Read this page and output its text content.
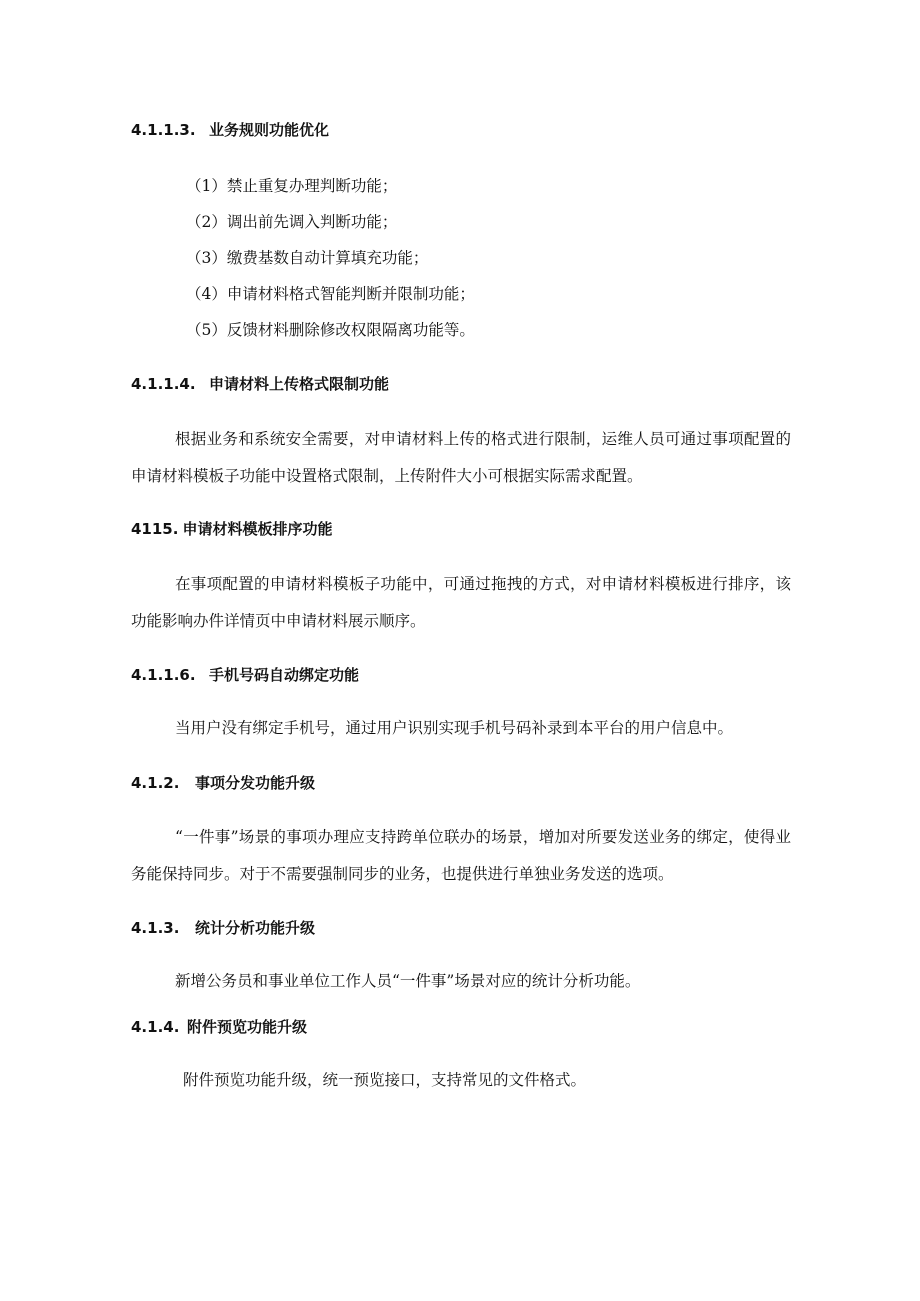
4.1.1.3. 业务规则功能优化
（1）禁止重复办理判断功能；
（2）调出前先调入判断功能；
（3）缴费基数自动计算填充功能；
（4）申请材料格式智能判断并限制功能；
（5）反馈材料删除修改权限隔离功能等。
4.1.1.4. 申请材料上传格式限制功能
根据业务和系统安全需要，对申请材料上传的格式进行限制，运维人员可通过事项配置的申请材料模板子功能中设置格式限制，上传附件大小可根据实际需求配置。
4115. 申请材料模板排序功能
在事项配置的申请材料模板子功能中，可通过拖拽的方式，对申请材料模板进行排序，该功能影响办件详情页中申请材料展示顺序。
4.1.1.6. 手机号码自动绑定功能
当用户没有绑定手机号，通过用户识别实现手机号码补录到本平台的用户信息中。
4.1.2. 事项分发功能升级
“一件事”场景的事项办理应支持跨单位联办的场景，增加对所要发送业务的绑定，使得业务能保持同步。对于不需要强制同步的业务，也提供进行单独业务发送的选项。
4.1.3. 统计分析功能升级
新增公务员和事业单位工作人员“一件事”场景对应的统计分析功能。
4.1.4. 附件预览功能升级
附件预览功能升级，统一预览接口，支持常见的文件格式。
